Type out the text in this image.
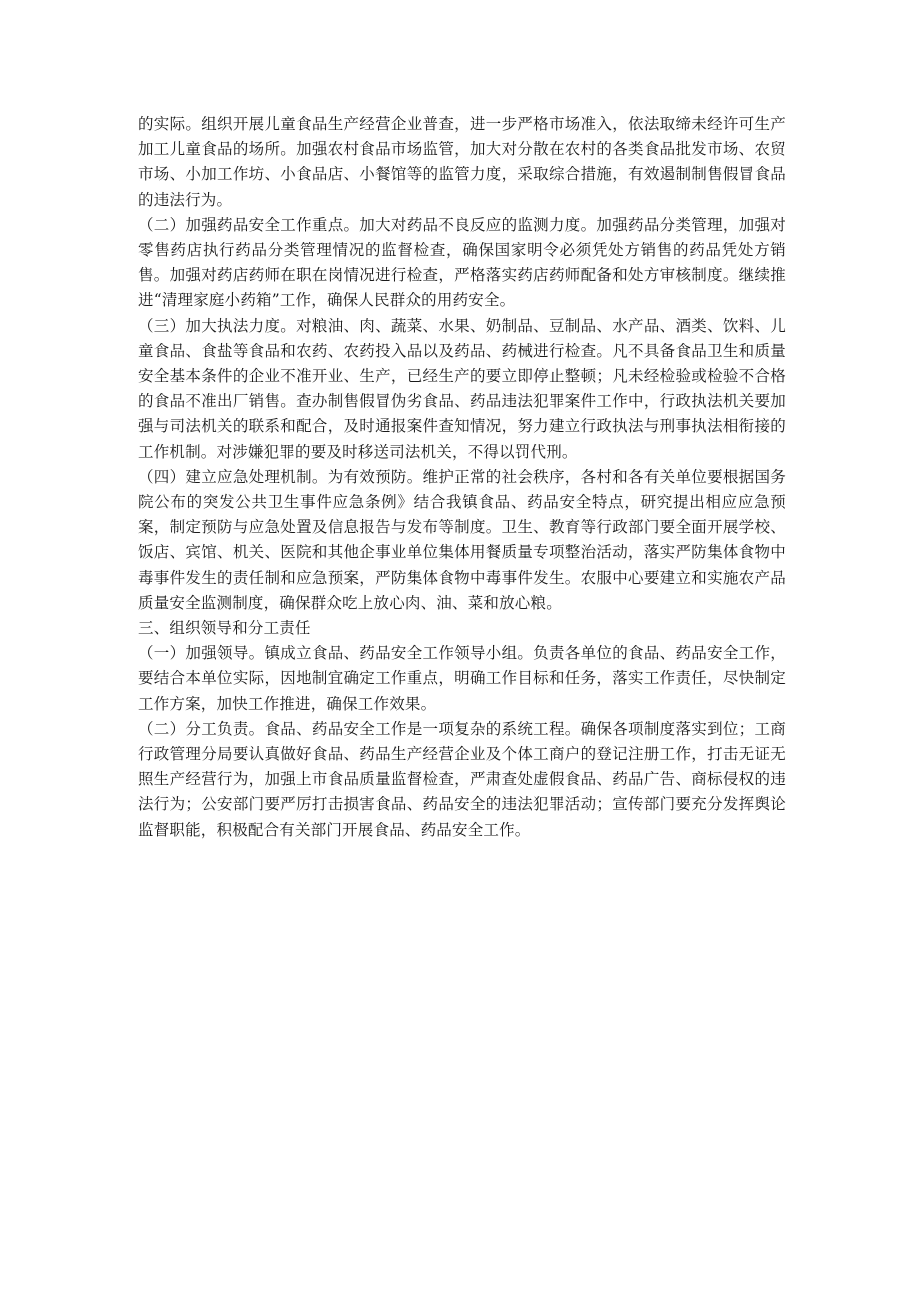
的实际。组织开展儿童食品生产经营企业普查，进一步严格市场准入，依法取缔未经许可生产加工儿童食品的场所。加强农村食品市场监管，加大对分散在农村的各类食品批发市场、农贸市场、小加工作坊、小食品店、小餐馆等的监管力度，采取综合措施，有效遏制制售假冒食品的违法行为。

（二）加强药品安全工作重点。加大对药品不良反应的监测力度。加强药品分类管理，加强对零售药店执行药品分类管理情况的监督检查，确保国家明令必须凭处方销售的药品凭处方销售。加强对药店药师在职在岗情况进行检查，严格落实药店药师配备和处方审核制度。继续推进“清理家庭小药箱”工作，确保人民群众的用药安全。

（三）加大执法力度。对粮油、肉、蔬菜、水果、奶制品、豆制品、水产品、酒类、饮料、儿童食品、食盐等食品和农药、农药投入品以及药品、药械进行检查。凡不具备食品卫生和质量安全基本条件的企业不准开业、生产，已经生产的要立即停止整顿；凡未经检验或检验不合格的食品不准出厂销售。查办制售假冒伪劣食品、药品违法犯罪案件工作中，行政执法机关要加强与司法机关的联系和配合，及时通报案件查知情况，努力建立行政执法与刑事执法相衔接的工作机制。对涉嫌犯罪的要及时移送司法机关，不得以罚代刑。

（四）建立应急处理机制。为有效预防。维护正常的社会秩序，各村和各有关单位要根据国务院公布的突发公共卫生事件应急条例》结合我镇食品、药品安全特点，研究提出相应应急预案，制定预防与应急处置及信息报告与发布等制度。卫生、教育等行政部门要全面开展学校、饭店、宾馆、机关、医院和其他企事业单位集体用餐质量专项整治活动，落实严防集体食物中毒事件发生的责任制和应急预案，严防集体食物中毒事件发生。农服中心要建立和实施农产品质量安全监测制度，确保群众吃上放心肉、油、菜和放心粮。

三、组织领导和分工责任

（一）加强领导。镇成立食品、药品安全工作领导小组。负责各单位的食品、药品安全工作，要结合本单位实际，因地制宜确定工作重点，明确工作目标和任务，落实工作责任，尽快制定工作方案，加快工作推进，确保工作效果。

（二）分工负责。食品、药品安全工作是一项复杂的系统工程。确保各项制度落实到位；工商行政管理分局要认真做好食品、药品生产经营企业及个体工商户的登记注册工作，打击无证无照生产经营行为，加强上市食品质量监督检查，严肃查处虚假食品、药品广告、商标侵权的违法行为；公安部门要严厉打击损害食品、药品安全的违法犯罪活动；宣传部门要充分发挥舆论监督职能，积极配合有关部门开展食品、药品安全工作。
